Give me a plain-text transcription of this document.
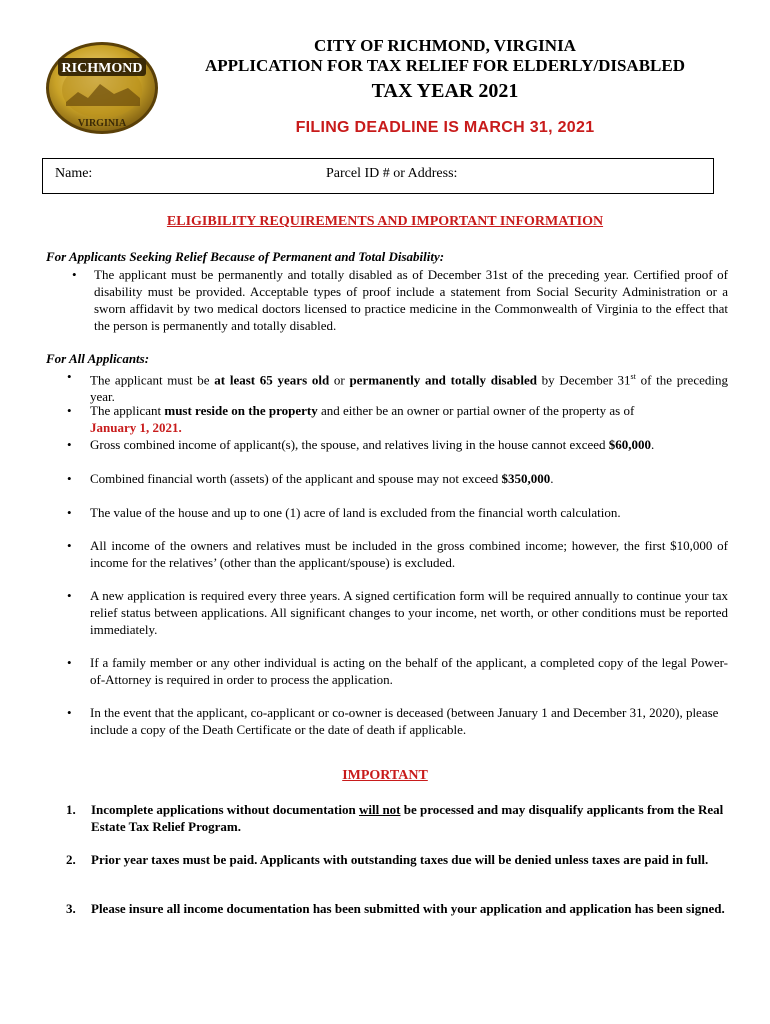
RICHMOND
VIRGINIA
CITY OF RICHMOND, VIRGINIA
APPLICATION FOR TAX RELIEF FOR ELDERLY/DISABLED
TAX YEAR 2021
FILING DEADLINE IS MARCH 31, 2021
Name:	Parcel ID # or Address:
ELIGIBILITY REQUIREMENTS AND IMPORTANT INFORMATION
For Applicants Seeking Relief Because of Permanent and Total Disability:
• The applicant must be permanently and totally disabled as of December 31st of the preceding year. Certified proof of disability must be provided. Acceptable types of proof include a statement from Social Security Administration or a sworn affidavit by two medical doctors licensed to practice medicine in the Commonwealth of Virginia to the effect that the person is permanently and totally disabled.
For All Applicants:
• The applicant must be at least 65 years old or permanently and totally disabled by December 31st of the preceding year.
• The applicant must reside on the property and either be an owner or partial owner of the property as of
January 1, 2021.
• Gross combined income of applicant(s), the spouse, and relatives living in the house cannot exceed $60,000.
• Combined financial worth (assets) of the applicant and spouse may not exceed $350,000.
• The value of the house and up to one (1) acre of land is excluded from the financial worth calculation.
• All income of the owners and relatives must be included in the gross combined income; however, the first $10,000 of income for the relatives’ (other than the applicant/spouse) is excluded.
• A new application is required every three years. A signed certification form will be required annually to continue your tax relief status between applications. All significant changes to your income, net worth, or other conditions must be reported immediately.
• If a family member or any other individual is acting on the behalf of the applicant, a completed copy of the legal Power-of-Attorney is required in order to process the application.
• In the event that the applicant, co-applicant or co-owner is deceased (between January 1 and December 31, 2020), please include a copy of the Death Certificate or the date of death if applicable.
IMPORTANT
1. Incomplete applications without documentation will not be processed and may disqualify applicants from the Real Estate Tax Relief Program.
2. Prior year taxes must be paid. Applicants with outstanding taxes due will be denied unless taxes are paid in full.
3. Please insure all income documentation has been submitted with your application and application has been signed.
